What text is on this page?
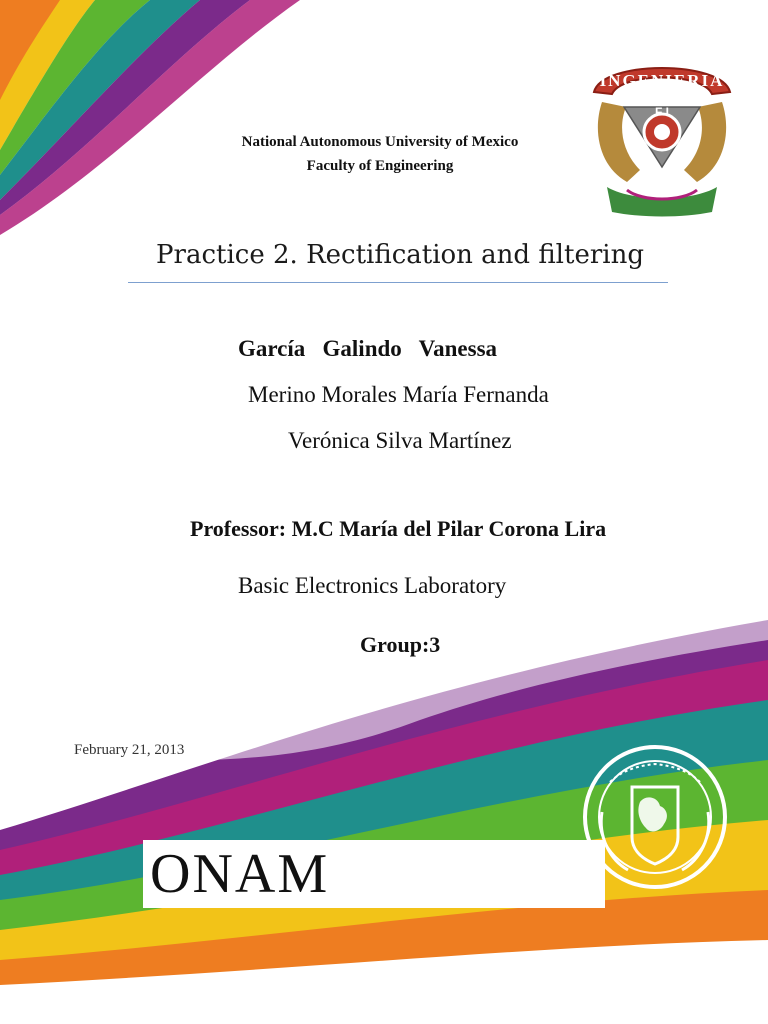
INGENIERIA
F I
National Autonomous University of Mexico
Faculty of Engineering
Practice 2. Rectification and filtering
García   Galindo   Vanessa
Merino Morales María Fernanda
Verónica Silva Martínez
Professor: M.C María del Pilar Corona Lira
Basic Electronics Laboratory
Group:3
February 21, 2013
ONAM
